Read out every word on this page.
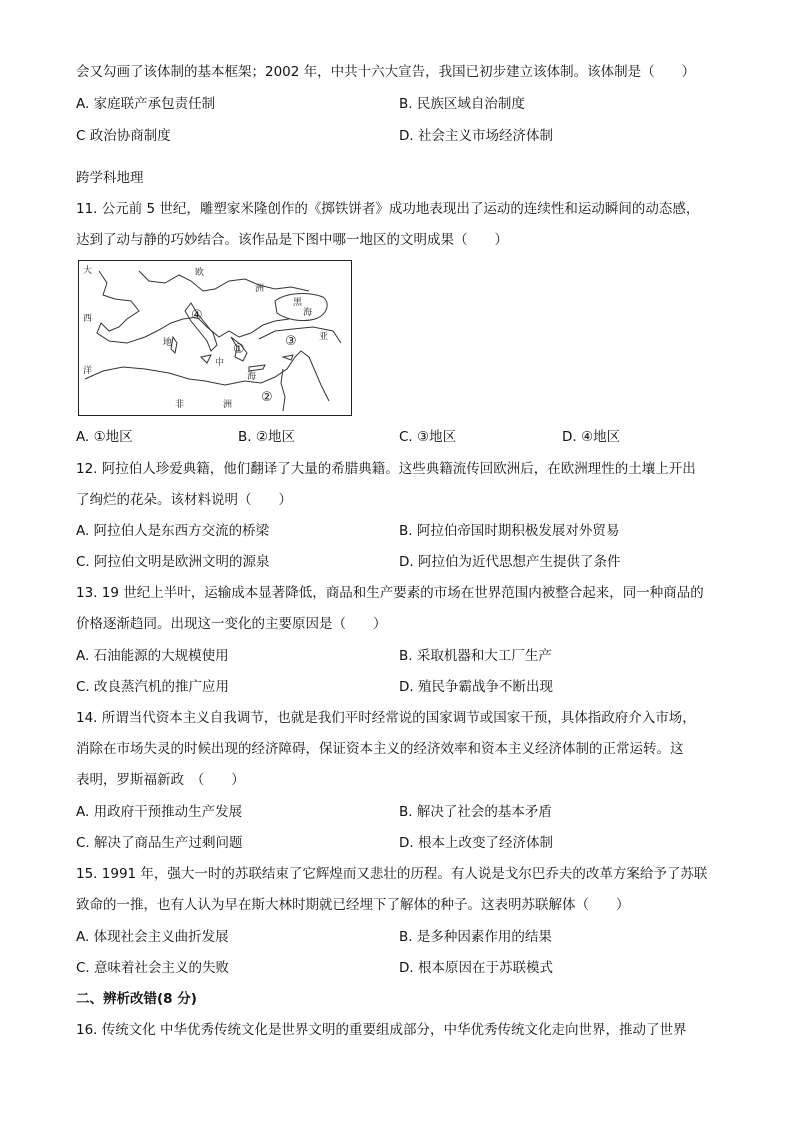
会又勾画了该体制的基本框架；2002 年，中共十六大宣告，我国已初步建立该体制。该体制是（　　）
A. 家庭联产承包责任制	B. 民族区域自治制度
C 政治协商制度	D. 社会主义市场经济体制
跨学科地理
11. 公元前 5 世纪，雕塑家米隆创作的《掷铁饼者》成功地表现出了运动的连续性和运动瞬间的动态感，
达到了动与静的巧妙结合。该作品是下图中哪一地区的文明成果（　　）
大
西
洋
欧
洲
黑
海
亚
地
中
海
非	洲
④
①
③
②
A. ①地区	B. ②地区	C. ③地区	D. ④地区
12. 阿拉伯人珍爱典籍，他们翻译了大量的希腊典籍。这些典籍流传回欧洲后，在欧洲理性的土壤上开出
了绚烂的花朵。该材料说明（　　）
A. 阿拉伯人是东西方交流的桥梁	B. 阿拉伯帝国时期积极发展对外贸易
C. 阿拉伯文明是欧洲文明的源泉	D. 阿拉伯为近代思想产生提供了条件
13. 19 世纪上半叶，运输成本显著降低，商品和生产要素的市场在世界范围内被整合起来，同一种商品的
价格逐渐趋同。出现这一变化的主要原因是（　　）
A. 石油能源的大规模使用	B. 采取机器和大工厂生产
C. 改良蒸汽机的推广应用	D. 殖民争霸战争不断出现
14. 所谓当代资本主义自我调节，也就是我们平时经常说的国家调节或国家干预，具体指政府介入市场，
消除在市场失灵的时候出现的经济障碍，保证资本主义的经济效率和资本主义经济体制的正常运转。这
表明，罗斯福新政　（　　）
A. 用政府干预推动生产发展	B. 解决了社会的基本矛盾
C. 解决了商品生产过剩问题	D. 根本上改变了经济体制
15. 1991 年，强大一时的苏联结束了它辉煌而又悲壮的历程。有人说是戈尔巴乔夫的改革方案给予了苏联
致命的一推，也有人认为早在斯大林时期就已经埋下了解体的种子。这表明苏联解体（　　）
A. 体现社会主义曲折发展	B. 是多种因素作用的结果
C. 意味着社会主义的失败	D. 根本原因在于苏联模式
二、辨析改错(8 分)
16. 传统文化 中华优秀传统文化是世界文明的重要组成部分，中华优秀传统文化走向世界，推动了世界
